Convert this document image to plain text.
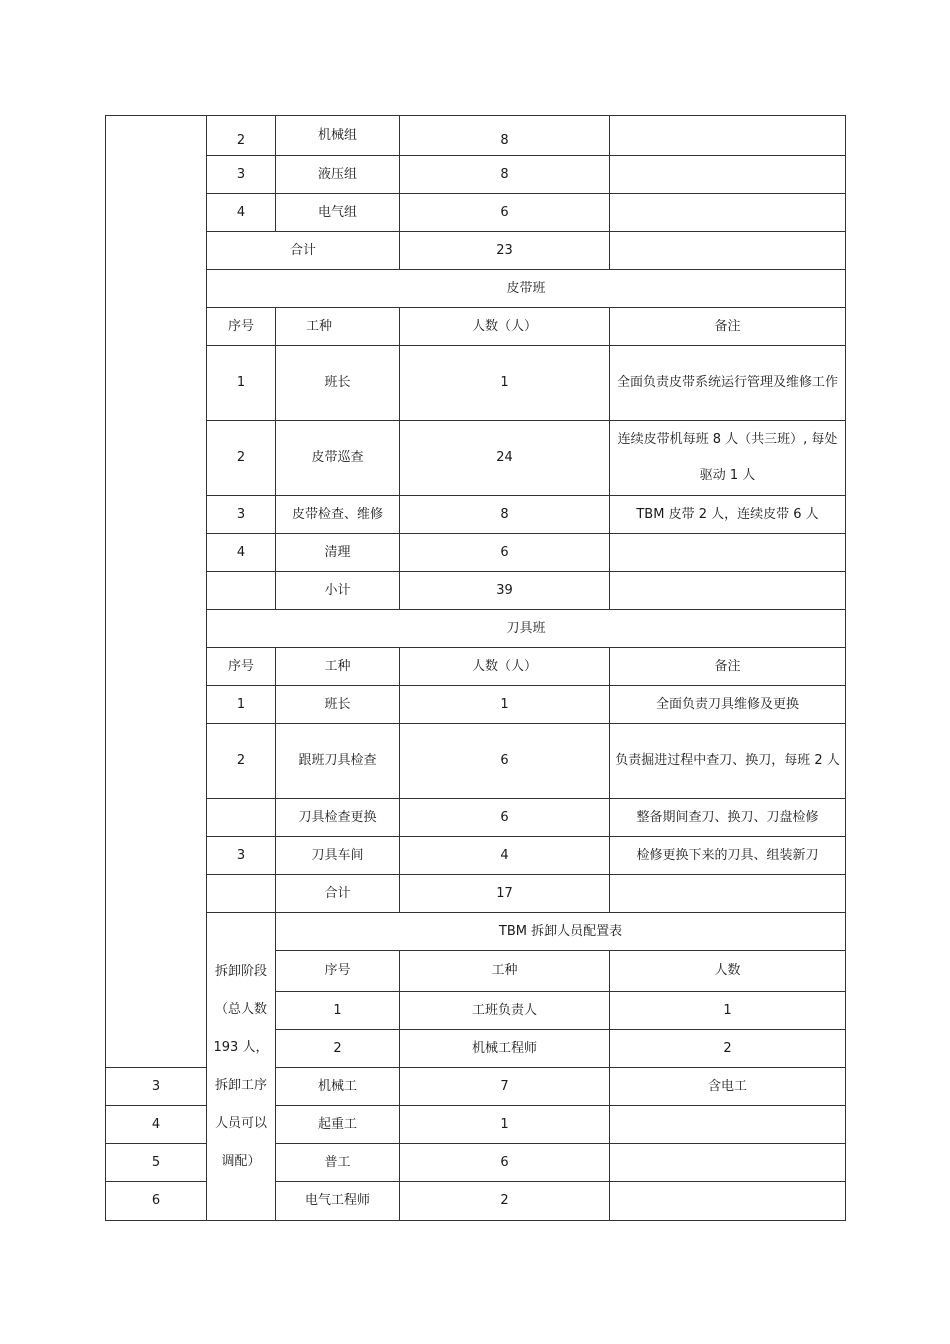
	2	机械组	8		
	3	液压组	8		
	4	电气组	6		
	合计		23		
	皮带班				
	序号	工种	人数（人）	备注	
	1	班长	1	全面负责皮带系统运行管理及维修工作	
	2	皮带巡查	24	连续皮带机每班 8 人（共三班）, 每处驱动 1 人	
	3	皮带检查、维修	8	TBM 皮带 2 人，连续皮带 6 人	
	4	清理	6		
		小计	39		
	刀具班				
	序号	工种	人数（人）	备注	
	1	班长	1	全面负责刀具维修及更换	
	2	跟班刀具检查	6	负责掘进过程中查刀、换刀，每班 2 人	
		刀具检查更换	6	整备期间查刀、换刀、刀盘检修	
	3	刀具车间	4	检修更换下来的刀具、组装新刀	
		合计	17		
	拆卸阶段（总人数 193 人，拆卸工序人员可以调配）	TBM 拆卸人员配置表			
		序号	工种	人数	
		1	工班负责人	1	
		2	机械工程师	2	
3		机械工	7	含电工	
4		起重工	1		
5		普工	6		
6		电气工程师	2		
